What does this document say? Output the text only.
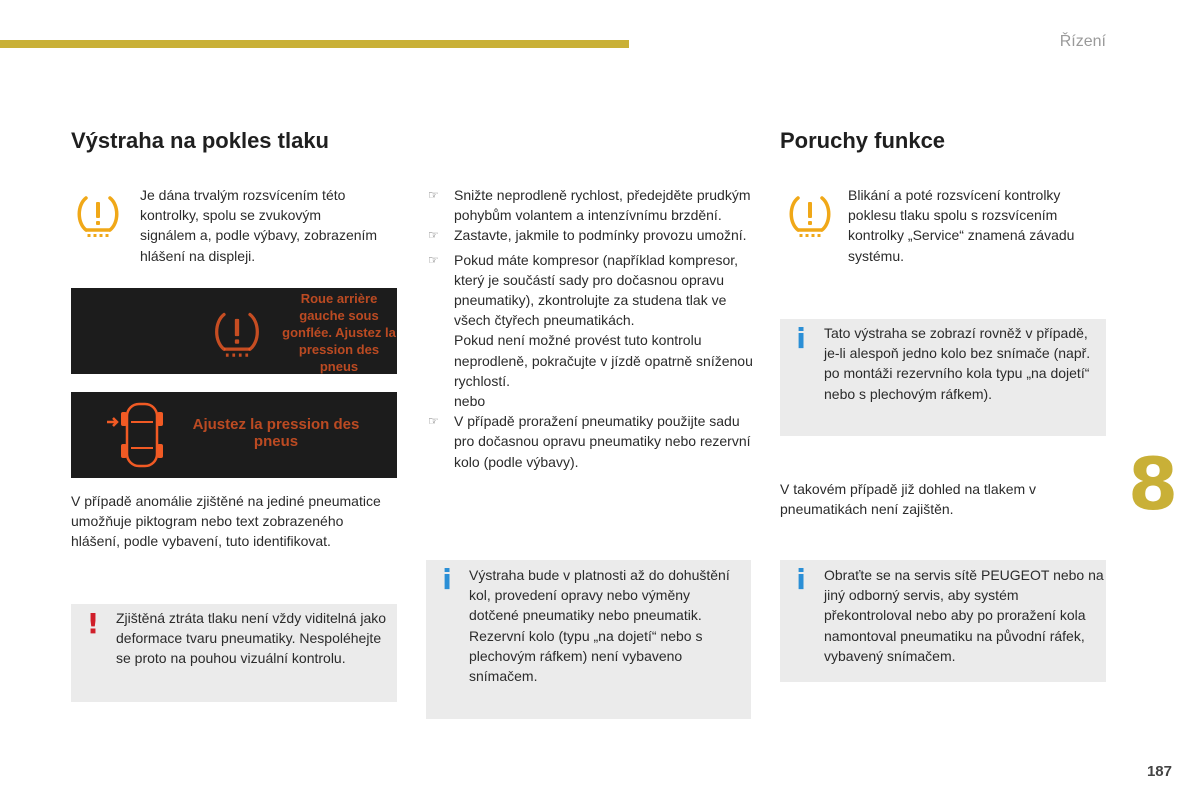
Řízení
Výstraha na pokles tlaku
Je dána trvalým rozsvícením této kontrolky, spolu se zvukovým signálem a, podle výbavy, zobrazením hlášení na displeji.
Roue arrière gauche sous gonflée. Ajustez la pression des pneus
Ajustez la pression des pneus
V případě anomálie zjištěné na jediné pneumatice umožňuje piktogram nebo text zobrazeného hlášení, podle vybavení, tuto identifikovat.
! Zjištěná ztráta tlaku není vždy viditelná jako deformace tvaru pneumatiky. Nespoléhejte se proto na pouhou vizuální kontrolu.
☞ Snižte neprodleně rychlost, předejděte prudkým pohybům volantem a intenzívnímu brzdění.
☞ Zastavte, jakmile to podmínky provozu umožní.
☞ Pokud máte kompresor (například kompresor, který je součástí sady pro dočasnou opravu pneumatiky), zkontrolujte za studena tlak ve všech čtyřech pneumatikách.
Pokud není možné provést tuto kontrolu neprodleně, pokračujte v jízdě opatrně sníženou rychlostí.
nebo
☞ V případě proražení pneumatiky použijte sadu pro dočasnou opravu pneumatiky nebo rezervní kolo (podle výbavy).
i	Výstraha bude v platnosti až do dohuštění kol, provedení opravy nebo výměny dotčené pneumatiky nebo pneumatik.

Rezervní kolo (typu „na dojetí“ nebo s plechovým ráfkem) není vybaveno snímačem.

Poruchy funkce
Blikání a poté rozsvícení kontrolky poklesu tlaku spolu s rozsvícením kontrolky „Service“ znamená závadu systému.
i	Tato výstraha se zobrazí rovněž v případě, je-li alespoň jedno kolo bez snímače (např. po montáži rezervního kola typu „na dojetí“ nebo s plechovým ráfkem).
V takovém případě již dohled na tlakem v pneumatikách není zajištěn.
i	Obraťte se na servis sítě PEUGEOT nebo na jiný odborný servis, aby systém překontroloval nebo aby po proražení kola namontoval pneumatiku na původní ráfek, vybavený snímačem.
8
187
